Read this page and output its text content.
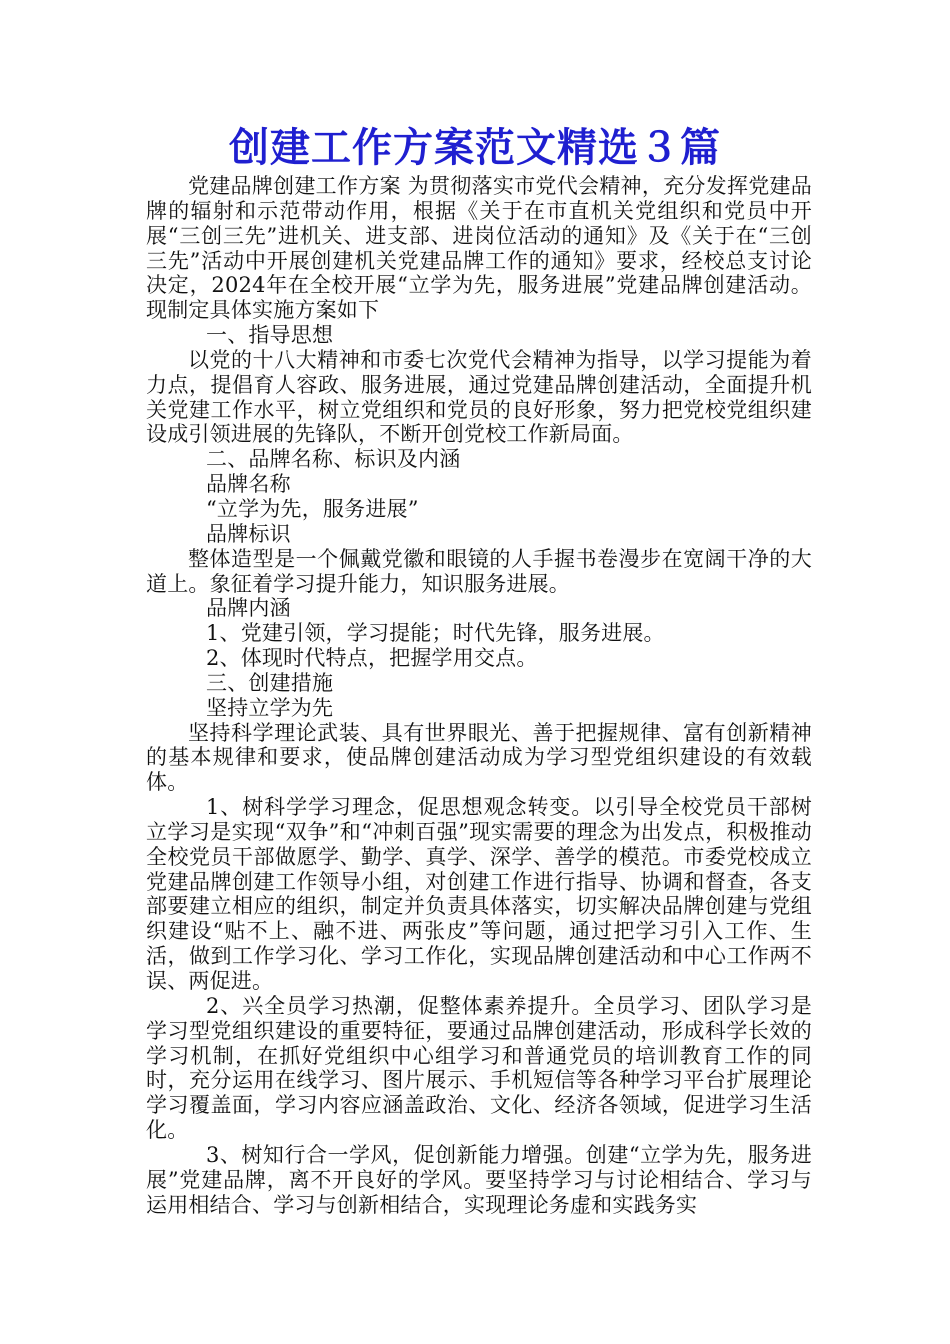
创建工作方案范文精选３篇

党建品牌创建工作方案 为贯彻落实市党代会精神，充分发挥党建品牌的辐射和示范带动作用，根据《关于在市直机关党组织和党员中开展“三创三先”进机关、进支部、进岗位活动的通知》及《关于在“三创三先”活动中开展创建机关党建品牌工作的通知》要求，经校总支讨论决定，2024年在全校开展“立学为先，服务进展”党建品牌创建活动。现制定具体实施方案如下

一、指导思想

以党的十八大精神和市委七次党代会精神为指导，以学习提能为着力点，提倡育人容政、服务进展，通过党建品牌创建活动，全面提升机关党建工作水平，树立党组织和党员的良好形象，努力把党校党组织建设成引领进展的先锋队，不断开创党校工作新局面。

二、品牌名称、标识及内涵

品牌名称

“立学为先，服务进展”

品牌标识

整体造型是一个佩戴党徽和眼镜的人手握书卷漫步在宽阔干净的大道上。象征着学习提升能力，知识服务进展。

品牌内涵

1、党建引领，学习提能；时代先锋，服务进展。

2、体现时代特点，把握学用交点。

三、创建措施

坚持立学为先

坚持科学理论武装、具有世界眼光、善于把握规律、富有创新精神的基本规律和要求，使品牌创建活动成为学习型党组织建设的有效载体。

1、树科学学习理念，促思想观念转变。以引导全校党员干部树立学习是实现“双争”和“冲刺百强”现实需要的理念为出发点，积极推动全校党员干部做愿学、勤学、真学、深学、善学的模范。市委党校成立党建品牌创建工作领导小组，对创建工作进行指导、协调和督查，各支部要建立相应的组织，制定并负责具体落实，切实解决品牌创建与党组织建设“贴不上、融不进、两张皮”等问题，通过把学习引入工作、生活，做到工作学习化、学习工作化，实现品牌创建活动和中心工作两不误、两促进。

2、兴全员学习热潮，促整体素养提升。全员学习、团队学习是学习型党组织建设的重要特征，要通过品牌创建活动，形成科学长效的学习机制，在抓好党组织中心组学习和普通党员的培训教育工作的同时，充分运用在线学习、图片展示、手机短信等各种学习平台扩展理论学习覆盖面，学习内容应涵盖政治、文化、经济各领域，促进学习生活化。

3、树知行合一学风，促创新能力增强。创建“立学为先，服务进展”党建品牌，离不开良好的学风。要坚持学习与讨论相结合、学习与运用相结合、学习与创新相结合，实现理论务虚和实践务实
